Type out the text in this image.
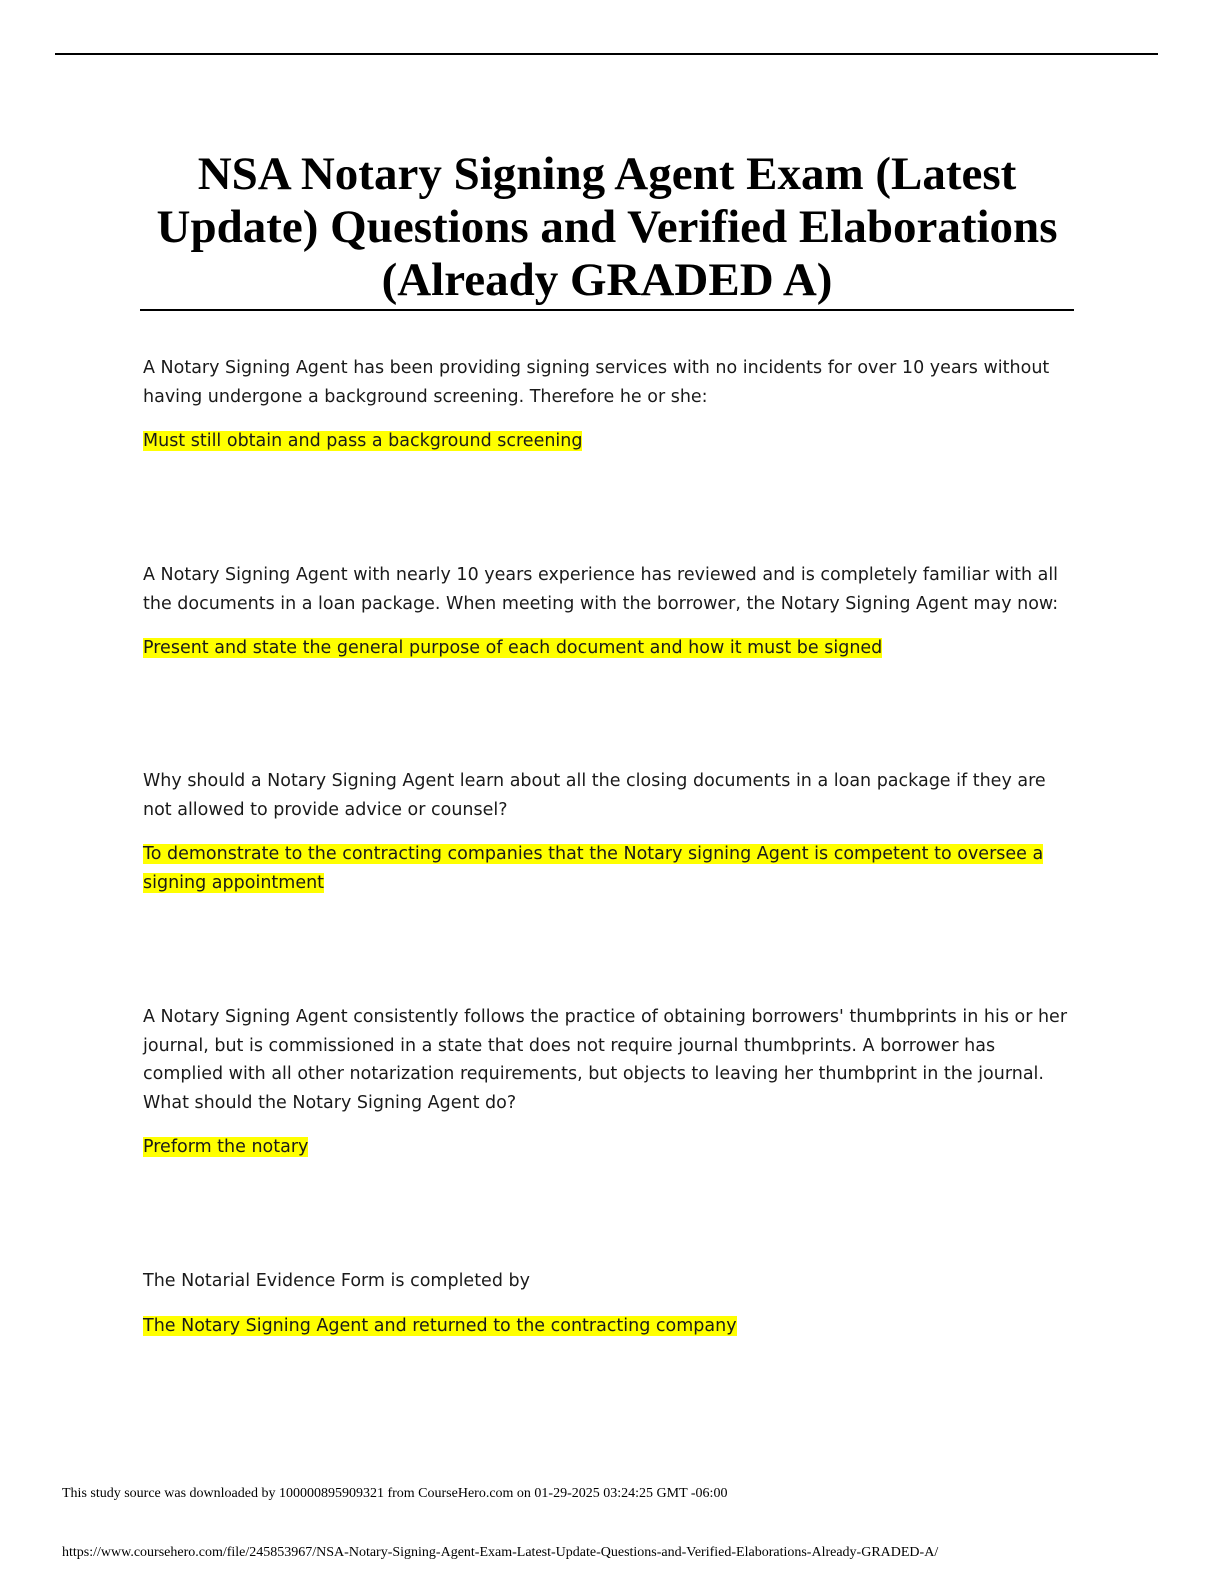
NSA Notary Signing Agent Exam (Latest Update) Questions and Verified Elaborations (Already GRADED A)

A Notary Signing Agent has been providing signing services with no incidents for over 10 years without having undergone a background screening. Therefore he or she:

Must still obtain and pass a background screening

A Notary Signing Agent with nearly 10 years experience has reviewed and is completely familiar with all the documents in a loan package. When meeting with the borrower, the Notary Signing Agent may now:

Present and state the general purpose of each document and how it must be signed

Why should a Notary Signing Agent learn about all the closing documents in a loan package if they are not allowed to provide advice or counsel?

To demonstrate to the contracting companies that the Notary signing Agent is competent to oversee a signing appointment

A Notary Signing Agent consistently follows the practice of obtaining borrowers' thumbprints in his or her journal, but is commissioned in a state that does not require journal thumbprints. A borrower has complied with all other notarization requirements, but objects to leaving her thumbprint in the journal. What should the Notary Signing Agent do?

Preform the notary

The Notarial Evidence Form is completed by

The Notary Signing Agent and returned to the contracting company

This study source was downloaded by 100000895909321 from CourseHero.com on 01-29-2025 03:24:25 GMT -06:00
https://www.coursehero.com/file/245853967/NSA-Notary-Signing-Agent-Exam-Latest-Update-Questions-and-Verified-Elaborations-Already-GRADED-A/
